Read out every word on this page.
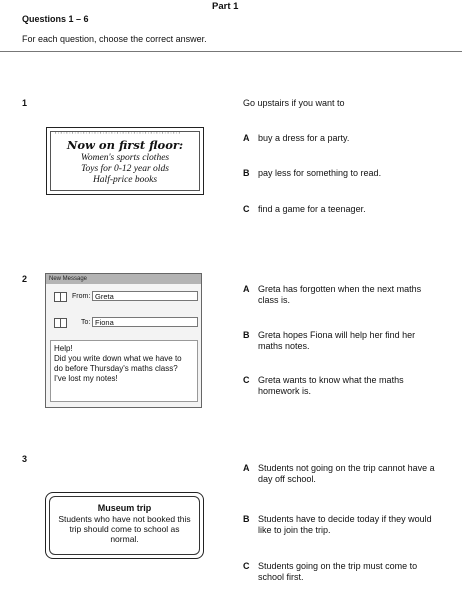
Part 1
Questions 1 – 6
For each question, choose the correct answer.
1	Go upstairs if you want to
▪ ▫ ▪ ▫ ▪ ▫ ▪ ▫ ▪ ▫ ▪ ▫ ▪ ▫ ▪ ▫ ▪ ▫ ▪ ▫ ▪ ▫ ▪ ▫ ▪ ▫ ▪ ▫ ▪ ▫ ▪ ▫ ▪ ▫ ▪ ▫ ▪ ▫ ▪ ▫ ▪ ▫ ▪ ▫ ▪
Now on first floor:
Women's sports clothes
Toys for 0-12 year olds
Half-price books
A buy a dress for a party.
B pay less for something to read.
C find a game for a teenager.
2	New Message
From: Greta
To: Fiona
Help!
Did you write down what we have to
do before Thursday's maths class?
I've lost my notes!
A Greta has forgotten when the next maths
class is.
B Greta hopes Fiona will help her find her
maths notes.
C Greta wants to know what the maths
homework is.
3
Museum trip
Students who have not booked this
trip should come to school as
normal.
A Students not going on the trip cannot have a
day off school.
B Students have to decide today if they would
like to join the trip.
C Students going on the trip must come to
school first.
